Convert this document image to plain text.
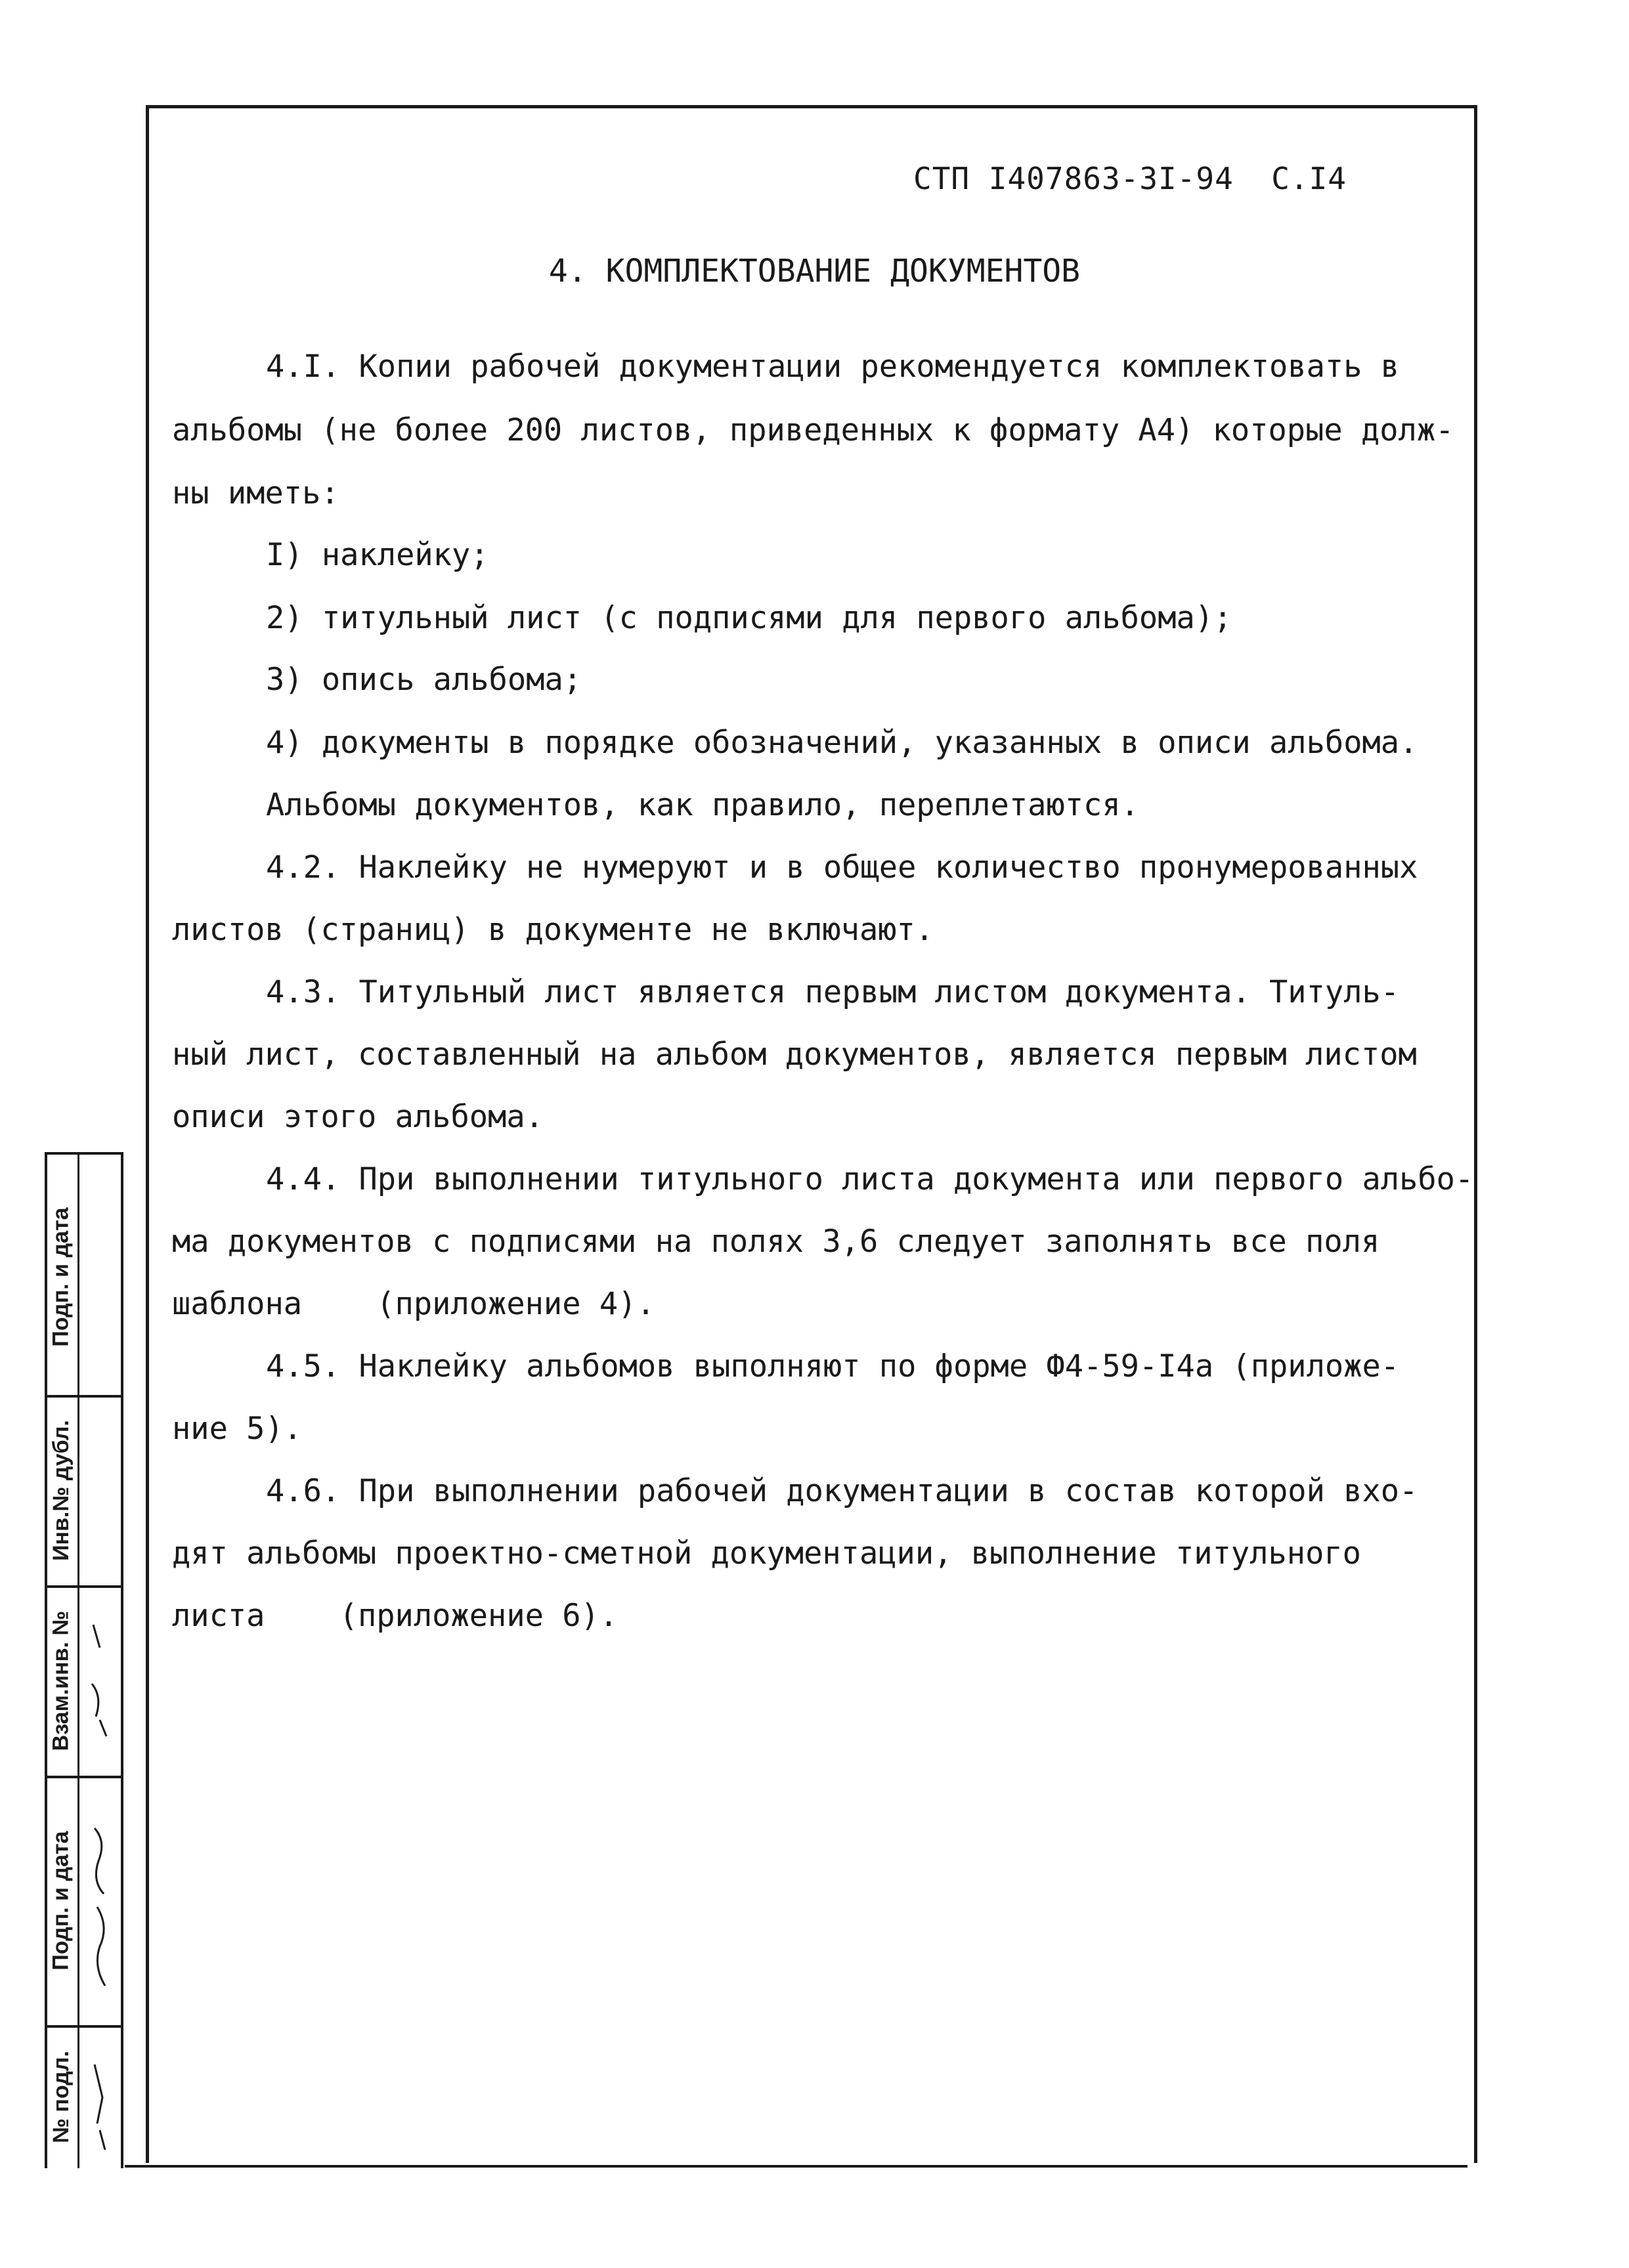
СТП I407863-3I-94 С.I4
4. КОМПЛЕКТОВАНИЕ ДОКУМЕНТОВ
4.I. Копии рабочей документации рекомендуется комплектовать в
альбомы (не более 200 листов, приведенных к формату А4) которые долж-
ны иметь:
I) наклейку;
2) титульный лист (с подписями для первого альбома);
3) опись альбома;
4) документы в порядке обозначений, указанных в описи альбома.
Альбомы документов, как правило, переплетаются.
4.2. Наклейку не нумеруют и в общее количество пронумерованных
листов (страниц) в документе не включают.
4.3. Титульный лист является первым листом документа. Титуль-
ный лист, составленный на альбом документов, является первым листом
описи этого альбома.
4.4. При выполнении титульного листа документа или первого альбо-
ма документов с подписями на полях 3,6 следует заполнять все поля
шаблона    (приложение 4).
4.5. Наклейку альбомов выполняют по форме Ф4-59-I4а (приложе-
ние 5).
4.6. При выполнении рабочей документации в состав которой вхо-
дят альбомы проектно-сметной документации, выполнение титульного
листа    (приложение 6).
Подп. и дата
Инв.№ дубл.
Взам.инв. №
Подп. и дата
№ подл.
